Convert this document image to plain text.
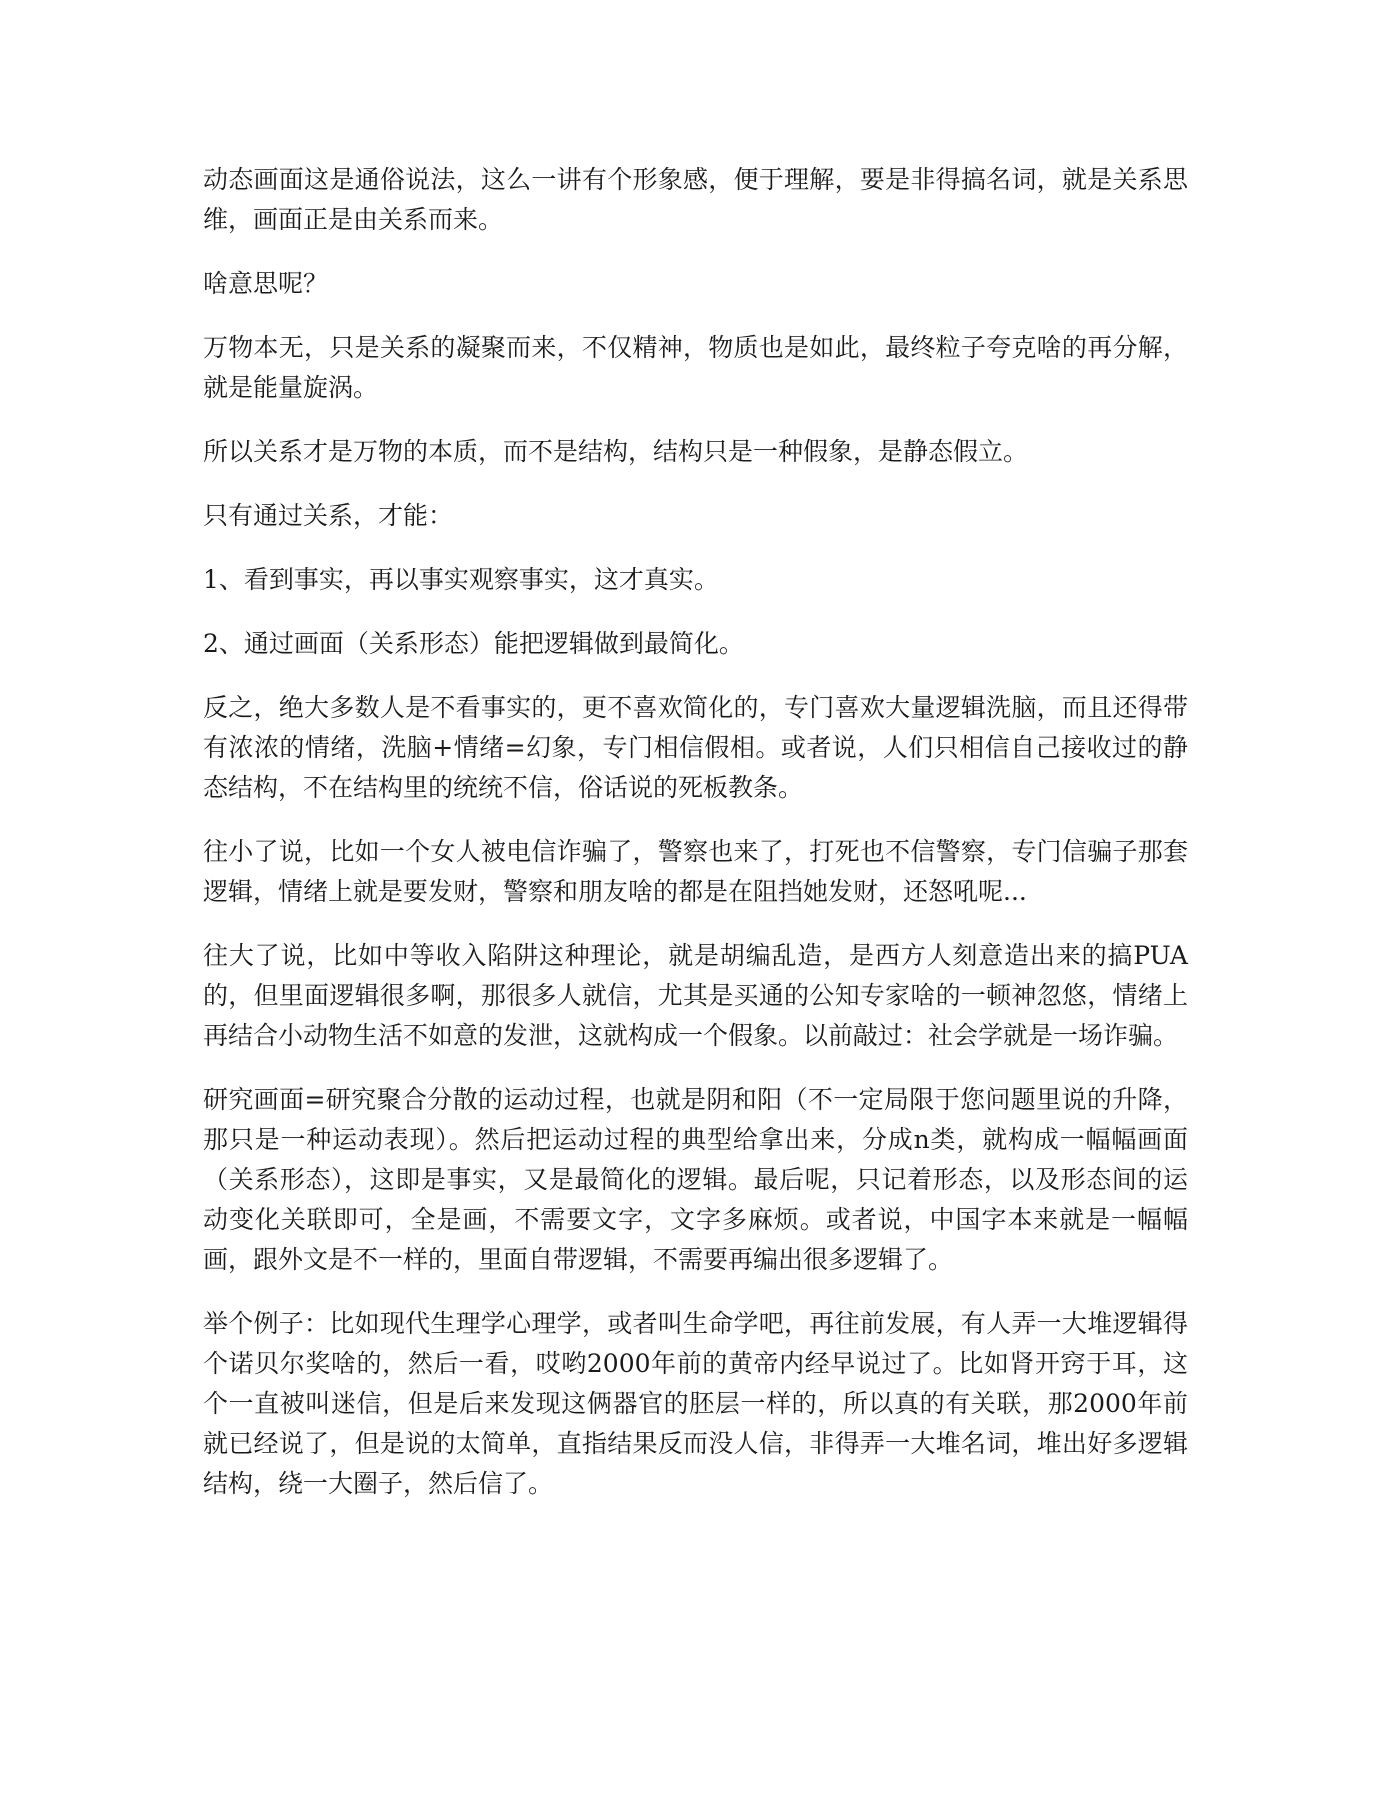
动态画面这是通俗说法，这么一讲有个形象感，便于理解，要是非得搞名词，就是关系思维，画面正是由关系而来。

啥意思呢？

万物本无，只是关系的凝聚而来，不仅精神，物质也是如此，最终粒子夸克啥的再分解，就是能量旋涡。

所以关系才是万物的本质，而不是结构，结构只是一种假象，是静态假立。

只有通过关系，才能：

1、看到事实，再以事实观察事实，这才真实。

2、通过画面（关系形态）能把逻辑做到最简化。

反之，绝大多数人是不看事实的，更不喜欢简化的，专门喜欢大量逻辑洗脑，而且还得带有浓浓的情绪，洗脑+情绪=幻象，专门相信假相。或者说，人们只相信自己接收过的静态结构，不在结构里的统统不信，俗话说的死板教条。

往小了说，比如一个女人被电信诈骗了，警察也来了，打死也不信警察，专门信骗子那套逻辑，情绪上就是要发财，警察和朋友啥的都是在阻挡她发财，还怒吼呢...

往大了说，比如中等收入陷阱这种理论，就是胡编乱造，是西方人刻意造出来的搞PUA的，但里面逻辑很多啊，那很多人就信，尤其是买通的公知专家啥的一顿神忽悠，情绪上再结合小动物生活不如意的发泄，这就构成一个假象。以前敲过：社会学就是一场诈骗。

研究画面=研究聚合分散的运动过程，也就是阴和阳（不一定局限于您问题里说的升降，那只是一种运动表现）。然后把运动过程的典型给拿出来，分成n类，就构成一幅幅画面（关系形态），这即是事实，又是最简化的逻辑。最后呢，只记着形态，以及形态间的运动变化关联即可，全是画，不需要文字，文字多麻烦。或者说，中国字本来就是一幅幅画，跟外文是不一样的，里面自带逻辑，不需要再编出很多逻辑了。

举个例子：比如现代生理学心理学，或者叫生命学吧，再往前发展，有人弄一大堆逻辑得个诺贝尔奖啥的，然后一看，哎哟2000年前的黄帝内经早说过了。比如肾开窍于耳，这个一直被叫迷信，但是后来发现这俩器官的胚层一样的，所以真的有关联，那2000年前就已经说了，但是说的太简单，直指结果反而没人信，非得弄一大堆名词，堆出好多逻辑结构，绕一大圈子，然后信了。
